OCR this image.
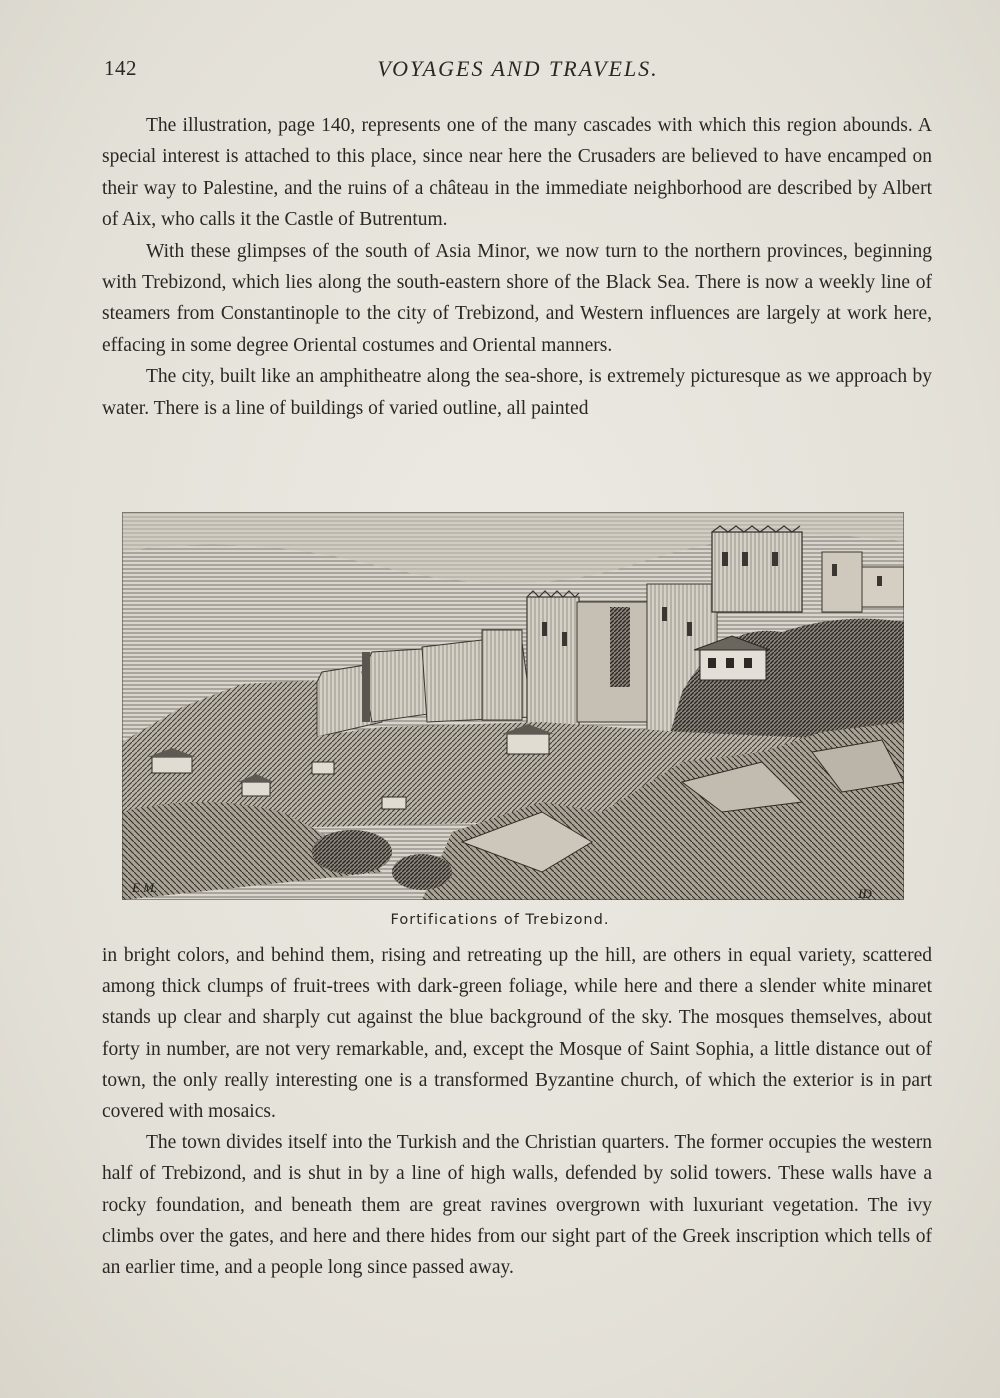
142	VOYAGES AND TRAVELS.

The illustration, page 140, represents one of the many cascades with which this region abounds. A special interest is attached to this place, since near here the Crusaders are believed to have encamped on their way to Palestine, and the ruins of a château in the immediate neighborhood are described by Albert of Aix, who calls it the Castle of Butrentum.

With these glimpses of the south of Asia Minor, we now turn to the northern provinces, beginning with Trebizond, which lies along the south-eastern shore of the Black Sea. There is now a weekly line of steamers from Constantinople to the city of Trebizond, and Western influences are largely at work here, effacing in some degree Oriental costumes and Oriental manners.

The city, built like an amphitheatre along the sea-shore, is extremely picturesque as we approach by water. There is a line of buildings of varied outline, all painted

E.M.	ID
Fortifications of Trebizond.

in bright colors, and behind them, rising and retreating up the hill, are others in equal variety, scattered among thick clumps of fruit-trees with dark-green foliage, while here and there a slender white minaret stands up clear and sharply cut against the blue background of the sky. The mosques themselves, about forty in number, are not very remarkable, and, except the Mosque of Saint Sophia, a little distance out of town, the only really interesting one is a transformed Byzantine church, of which the exterior is in part covered with mosaics.

The town divides itself into the Turkish and the Christian quarters. The former occupies the western half of Trebizond, and is shut in by a line of high walls, defended by solid towers. These walls have a rocky foundation, and beneath them are great ravines overgrown with luxuriant vegetation. The ivy climbs over the gates, and here and there hides from our sight part of the Greek inscription which tells of an earlier time, and a people long since passed away.
